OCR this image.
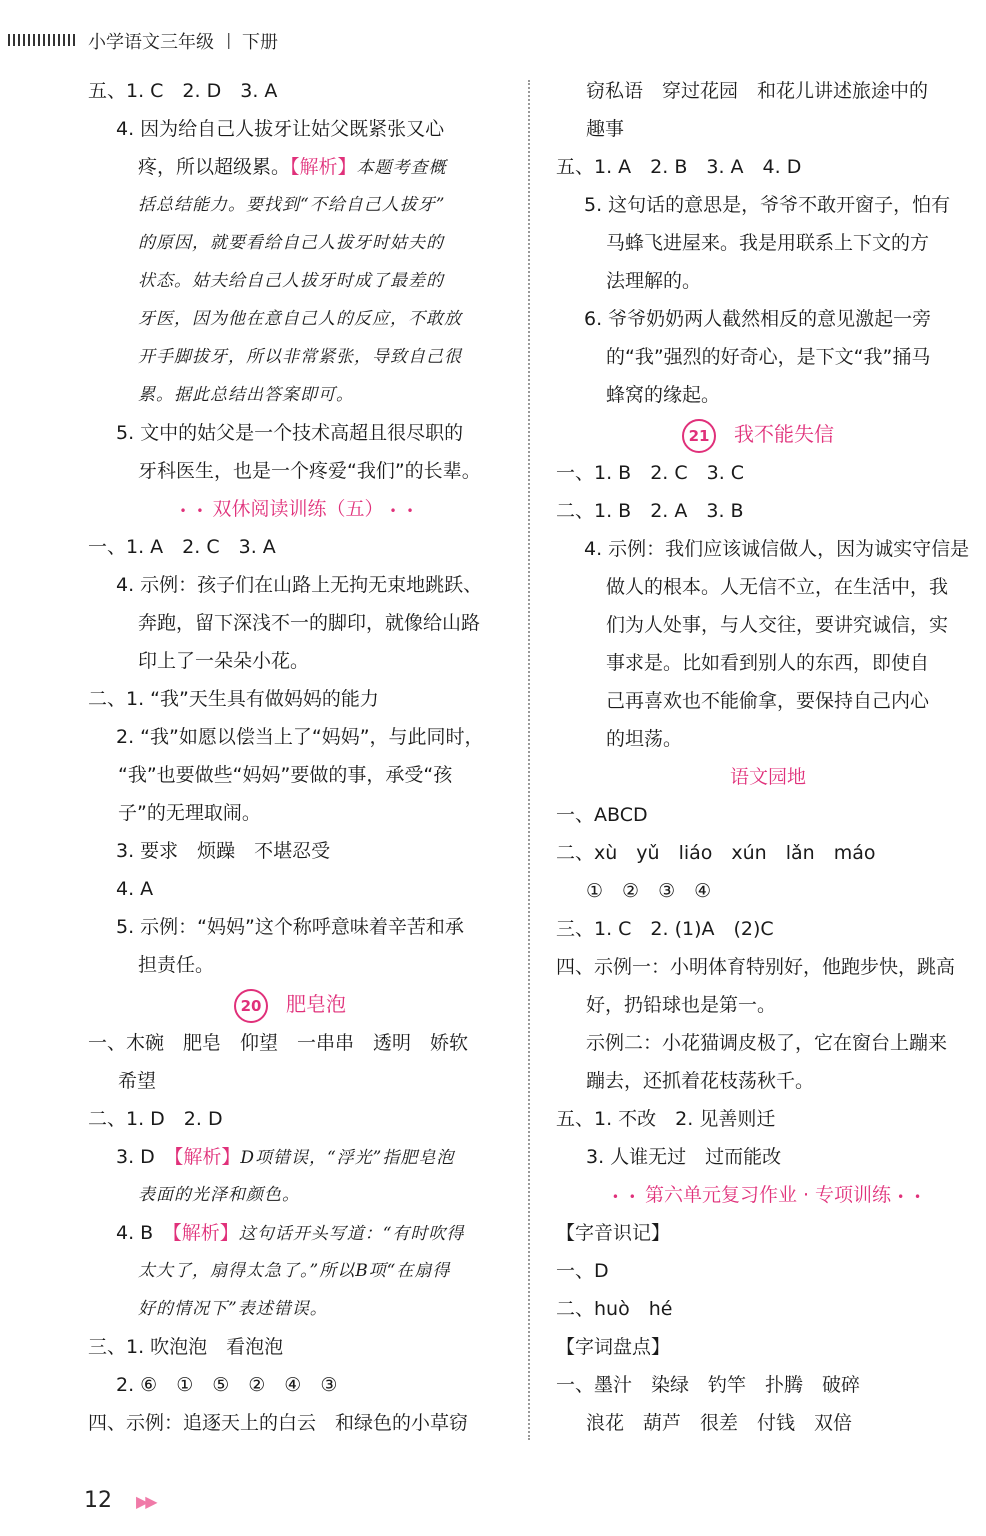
小学语文三年级 | 下册
五、1. C　2. D　3. A
4. 因为给自己人拔牙让姑父既紧张又心
疼，所以超级累。【解析】本题考查概
括总结能力。要找到“不给自己人拔牙”
的原因，就要看给自己人拔牙时姑夫的
状态。姑夫给自己人拔牙时成了最差的
牙医，因为他在意自己人的反应，不敢放
开手脚拔牙，所以非常紧张，导致自己很
累。据此总结出答案即可。
5. 文中的姑父是一个技术高超且很尽职的
牙科医生，也是一个疼爱“我们”的长辈。
• • 双休阅读训练（五） • •
一、1. A　2. C　3. A
4. 示例：孩子们在山路上无拘无束地跳跃、
奔跑，留下深浅不一的脚印，就像给山路
印上了一朵朵小花。
二、1. “我”天生具有做妈妈的能力
2. “我”如愿以偿当上了“妈妈”，与此同时，
“我”也要做些“妈妈”要做的事，承受“孩
子”的无理取闹。
3. 要求　烦躁　不堪忍受
4. A
5. 示例：“妈妈”这个称呼意味着辛苦和承
担责任。
20 肥皂泡
一、木碗　肥皂　仰望　一串串　透明　娇软
希望
二、1. D　2. D
3. D　【解析】D项错误，“浮光”指肥皂泡
表面的光泽和颜色。
4. B　【解析】这句话开头写道：“有时吹得
太大了，扇得太急了。”所以B项“在扇得
好的情况下”表述错误。
三、1. 吹泡泡　看泡泡
2. ⑥　①　⑤　②　④　③
四、示例：追逐天上的白云　和绿色的小草窃
窃私语　穿过花园　和花儿讲述旅途中的
趣事
五、1. A　2. B　3. A　4. D
5. 这句话的意思是，爷爷不敢开窗子，怕有
马蜂飞进屋来。我是用联系上下文的方
法理解的。
6. 爷爷奶奶两人截然相反的意见激起一旁
的“我”强烈的好奇心，是下文“我”捅马
蜂窝的缘起。
21 我不能失信
一、1. B　2. C　3. C
二、1. B　2. A　3. B
4. 示例：我们应该诚信做人，因为诚实守信是
做人的根本。人无信不立，在生活中，我
们为人处事，与人交往，要讲究诚信，实
事求是。比如看到别人的东西，即使自
己再喜欢也不能偷拿，要保持自己内心
的坦荡。
语文园地
一、ABCD
二、xù　yǔ　liáo　xún　lǎn　máo
①　②　③　④
三、1. C　2. (1)A　(2)C
四、示例一：小明体育特别好，他跑步快，跳高
好，扔铅球也是第一。
示例二：小花猫调皮极了，它在窗台上蹦来
蹦去，还抓着花枝荡秋千。
五、1. 不改　2. 见善则迁
3. 人谁无过　过而能改
• • 第六单元复习作业 · 专项训练 • •
【字音识记】
一、D
二、huò　hé
【字词盘点】
一、墨汁　染绿　钓竿　扑腾　破碎
浪花　葫芦　很差　付钱　双倍
12 ▶▶
